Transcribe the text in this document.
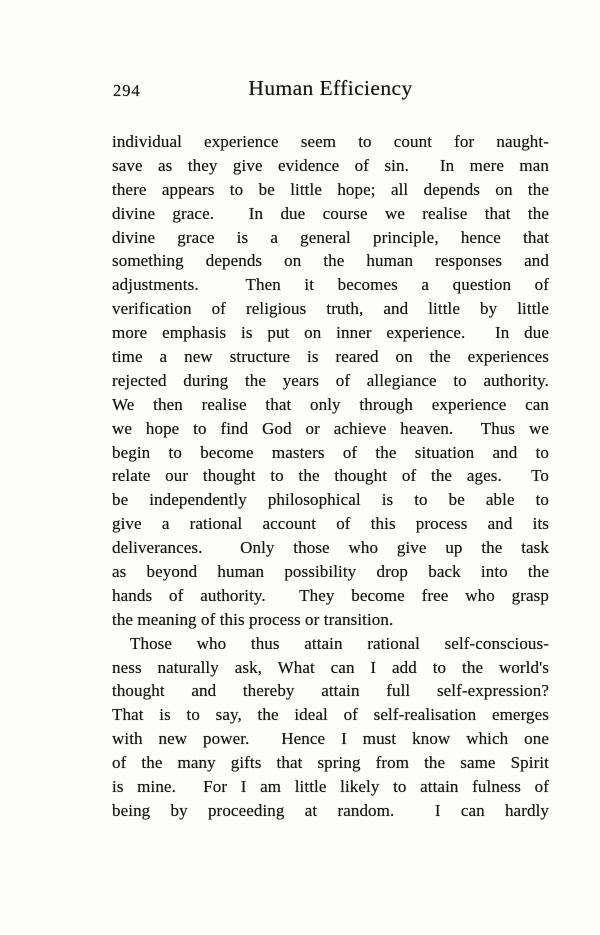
294	Human Efficiency
individual experience seem to count for naught-
save as they give evidence of sin.  In mere man
there appears to be little hope; all depends on the
divine grace.  In due course we realise that the
divine grace is a general principle, hence that
something depends on the human responses and
adjustments.  Then it becomes a question of
verification of religious truth, and little by little
more emphasis is put on inner experience.  In due
time a new structure is reared on the experiences
rejected during the years of allegiance to authority.
We then realise that only through experience can
we hope to find God or achieve heaven.  Thus we
begin to become masters of the situation and to
relate our thought to the thought of the ages.  To
be independently philosophical is to be able to
give a rational account of this process and its
deliverances.  Only those who give up the task
as beyond human possibility drop back into the
hands of authority.  They become free who grasp
the meaning of this process or transition.
Those who thus attain rational self-conscious-
ness naturally ask, What can I add to the world's
thought and thereby attain full self-expression?
That is to say, the ideal of self-realisation emerges
with new power.  Hence I must know which one
of the many gifts that spring from the same Spirit
is mine.  For I am little likely to attain fulness of
being by proceeding at random.  I can hardly
